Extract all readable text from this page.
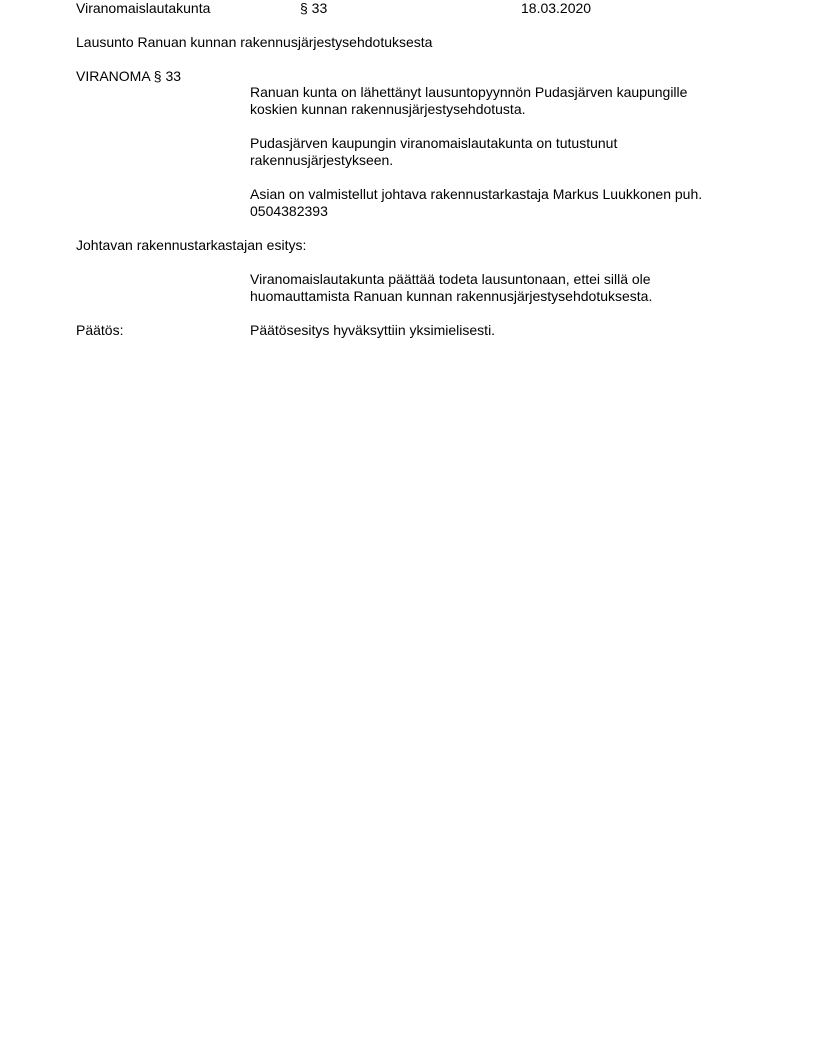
Viranomaislautakunta	§ 33	18.03.2020
Lausunto Ranuan kunnan rakennusjärjestysehdotuksesta
VIRANOMA § 33
Ranuan kunta on lähettänyt lausuntopyynnön Pudasjärven kaupungille
koskien kunnan rakennusjärjestysehdotusta.
Pudasjärven kaupungin viranomaislautakunta on tutustunut
rakennusjärjestykseen.
Asian on valmistellut johtava rakennustarkastaja Markus Luukkonen puh.
0504382393
Johtavan rakennustarkastajan esitys:
Viranomaislautakunta päättää todeta lausuntonaan, ettei sillä ole
huomauttamista Ranuan kunnan rakennusjärjestysehdotuksesta.
Päätös:	Päätösesitys hyväksyttiin yksimielisesti.
